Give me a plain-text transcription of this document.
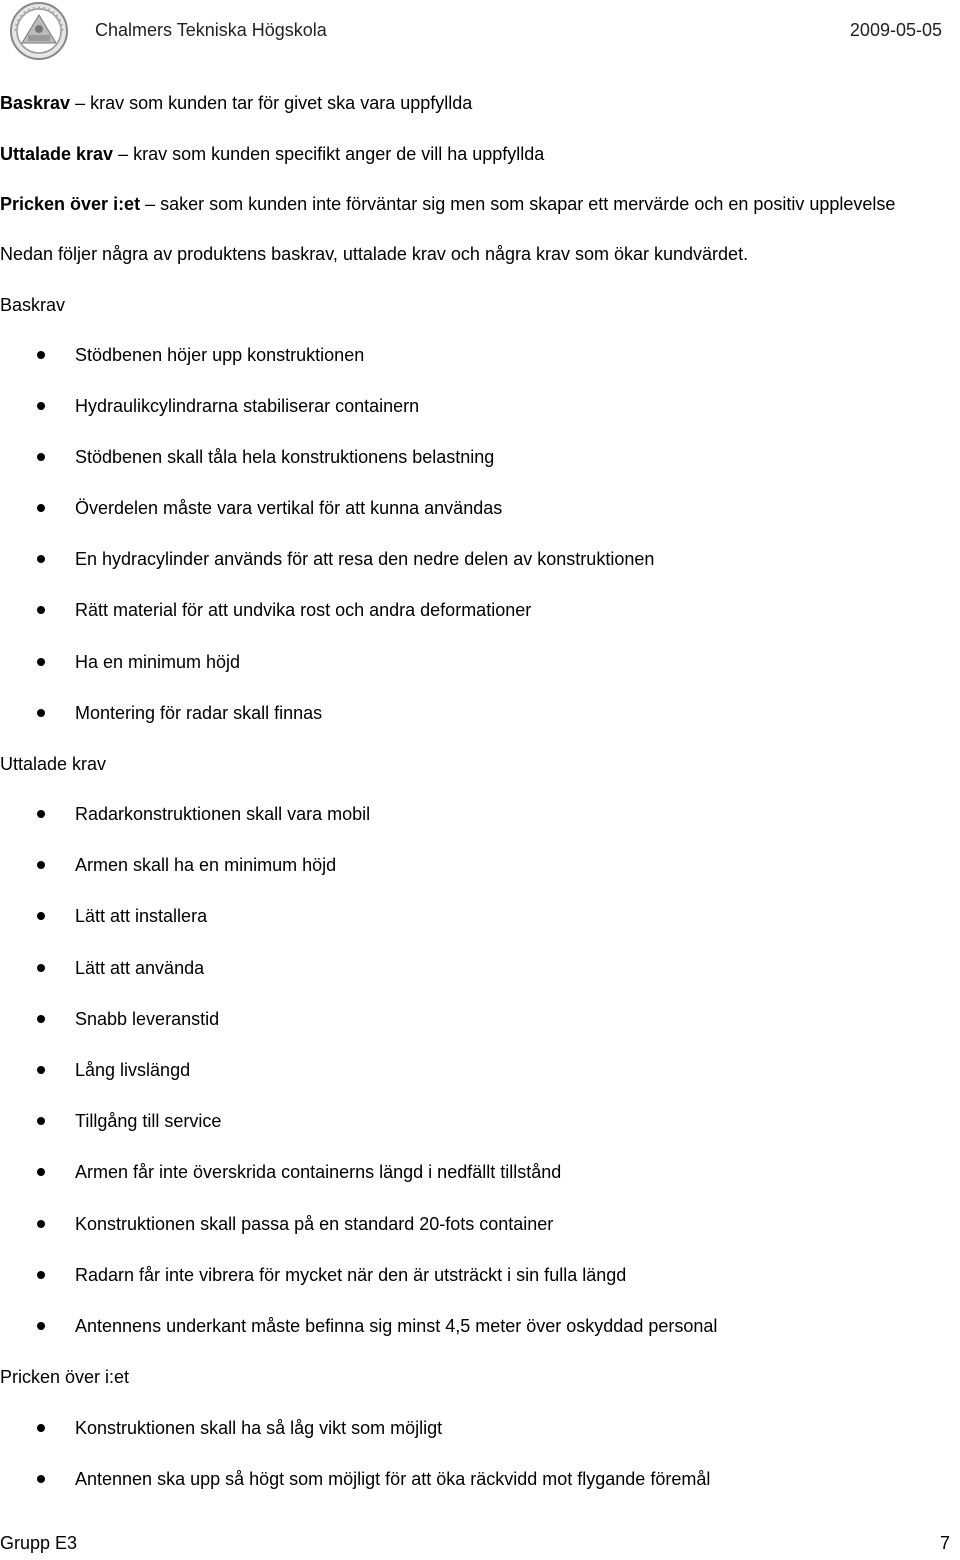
Chalmers Tekniska Högskola	2009-05-05
Baskrav – krav som kunden tar för givet ska vara uppfyllda
Uttalade krav – krav som kunden specifikt anger de vill ha uppfyllda
Pricken över i:et – saker som kunden inte förväntar sig men som skapar ett mervärde och en positiv upplevelse
Nedan följer några av produktens baskrav, uttalade krav och några krav som ökar kundvärdet.
Baskrav
Stödbenen höjer upp konstruktionen
Hydraulikcylindrarna stabiliserar containern
Stödbenen skall tåla hela konstruktionens belastning
Överdelen måste vara vertikal för att kunna användas
En hydracylinder används för att resa den nedre delen av konstruktionen
Rätt material för att undvika rost och andra deformationer
Ha en minimum höjd
Montering för radar skall finnas
Uttalade krav
Radarkonstruktionen skall vara mobil
Armen skall ha en minimum höjd
Lätt att installera
Lätt att använda
Snabb leveranstid
Lång livslängd
Tillgång till service
Armen får inte överskrida containerns längd i nedfällt tillstånd
Konstruktionen skall passa på en standard 20-fots container
Radarn får inte vibrera för mycket när den är utsträckt i sin fulla längd
Antennens underkant måste befinna sig minst 4,5 meter över oskyddad personal
Pricken över i:et
Konstruktionen skall ha så låg vikt som möjligt
Antennen ska upp så högt som möjligt för att öka räckvidd mot flygande föremål
Grupp E3	7
